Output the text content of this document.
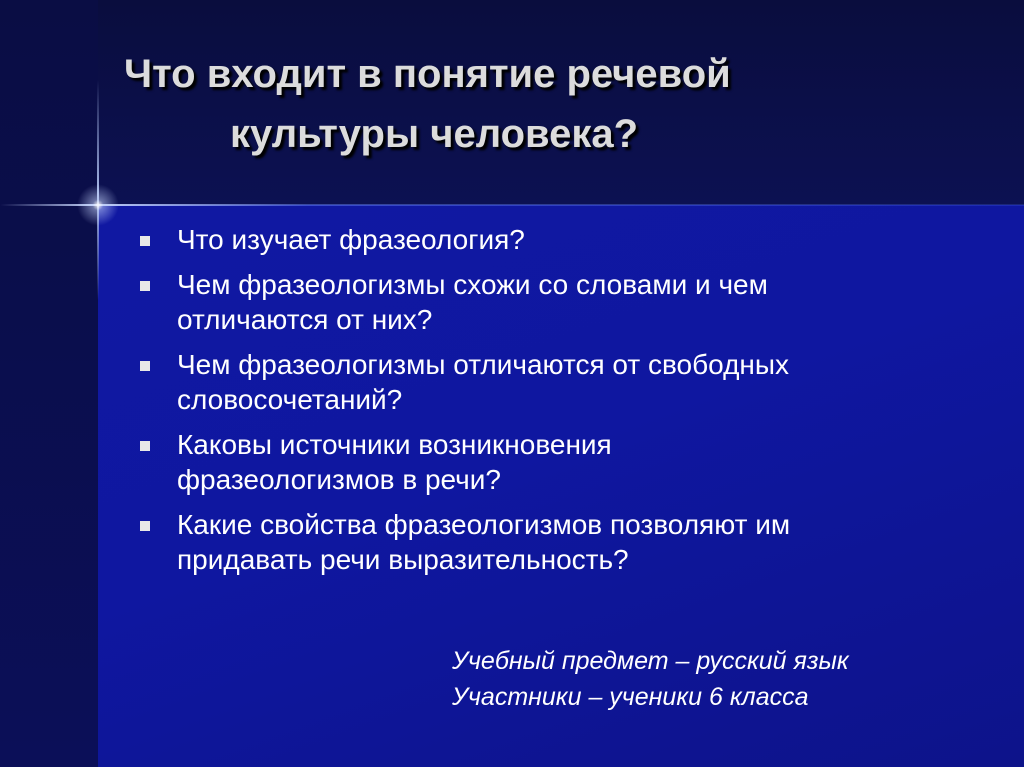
Что входит в понятие речевой
культуры человека?
Что изучает фразеология?
Чем фразеологизмы схожи со словами и чем
отличаются от них?
Чем фразеологизмы отличаются от свободных
словосочетаний?
Каковы источники возникновения
фразеологизмов в речи?
Какие свойства фразеологизмов позволяют им
придавать речи выразительность?
Учебный предмет – русский язык
Участники – ученики 6 класса
